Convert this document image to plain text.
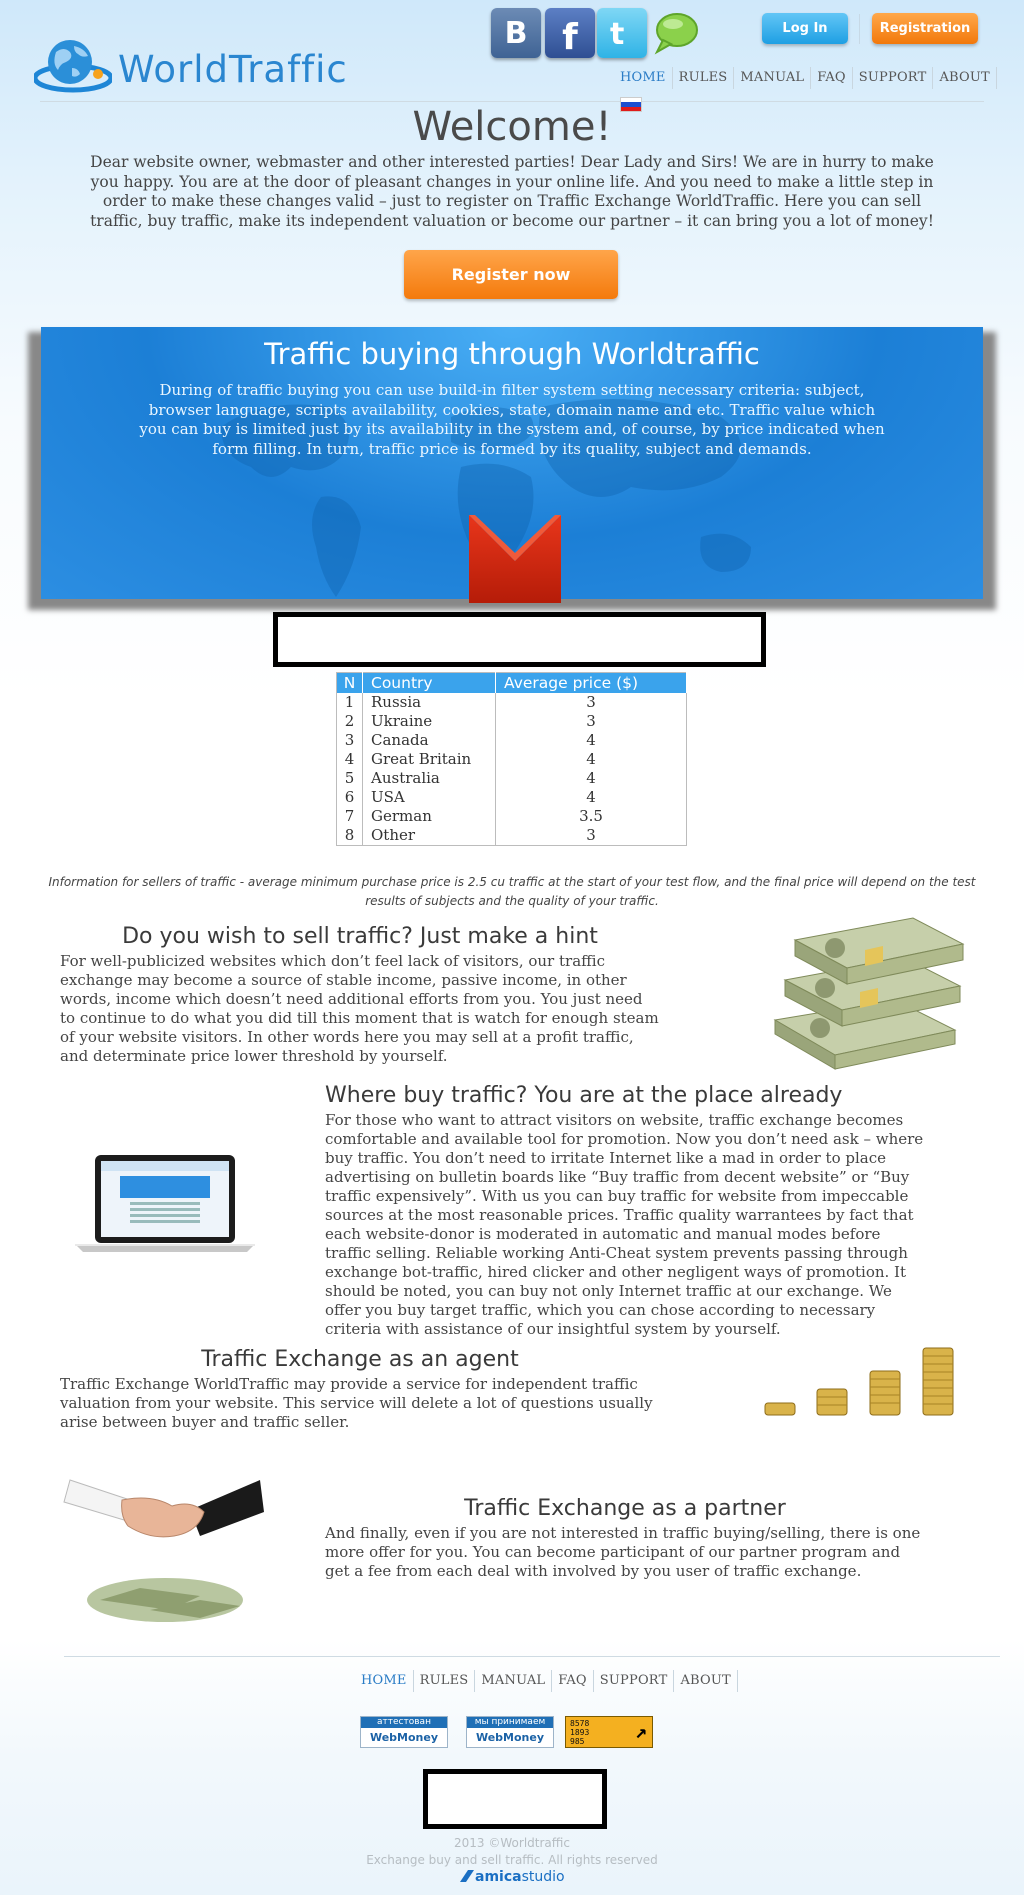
WorldTraffic
B f t	Log In	Registration
HOME	RULES	MANUAL	FAQ	SUPPORT	ABOUT
Welcome!

Dear website owner, webmaster and other interested parties! Dear Lady and Sirs! We are in hurry to make you happy. You are at the door of pleasant changes in your online life. And you need to make a little step in order to make these changes valid – just to register on Traffic Exchange WorldTraffic. Here you can sell traffic, buy traffic, make its independent valuation or become our partner – it can bring you a lot of money!

Register now
Traffic buying through Worldtraffic

During of traffic buying you can use build-in filter system setting necessary criteria: subject, browser language, scripts availability, cookies, state, domain name and etc. Traffic value which you can buy is limited just by its availability in the system and, of course, by price indicated when form filling. In turn, traffic price is formed by its quality, subject and demands.

N	Country	Average price ($)
1	Russia	3
2	Ukraine	3
3	Canada	4
4	Great Britain	4
5	Australia	4
6	USA	4
7	German	3.5
8	Other	3

Information for sellers of traffic - average minimum purchase price is 2.5 cu traffic at the start of your test flow, and the final price will depend on the test results of subjects and the quality of your traffic.

Do you wish to sell traffic? Just make a hint

For well-publicized websites which don’t feel lack of visitors, our traffic exchange may become a source of stable income, passive income, in other words, income which doesn’t need additional efforts from you. You just need to continue to do what you did till this moment that is watch for enough steam of your website visitors. In other words here you may sell at a profit traffic, and determinate price lower threshold by yourself.

Where buy traffic? You are at the place already

For those who want to attract visitors on website, traffic exchange becomes comfortable and available tool for promotion. Now you don’t need ask – where buy traffic. You don’t need to irritate Internet like a mad in order to place advertising on bulletin boards like “Buy traffic from decent website” or “Buy traffic expensively”. With us you can buy traffic for website from impeccable sources at the most reasonable prices. Traffic quality warrantees by fact that each website-donor is moderated in automatic and manual modes before traffic selling. Reliable working Anti-Cheat system prevents passing through exchange bot-traffic, hired clicker and other negligent ways of promotion. It should be noted, you can buy not only Internet traffic at our exchange. We offer you buy target traffic, which you can chose according to necessary criteria with assistance of our insightful system by yourself.

Traffic Exchange as an agent

Traffic Exchange WorldTraffic may provide a service for independent traffic valuation from your website. This service will delete a lot of questions usually arise between buyer and traffic seller.

Traffic Exchange as a partner

And finally, even if you are not interested in traffic buying/selling, there is one more offer for you. You can become participant of our partner program and get a fee from each deal with involved by you user of traffic exchange.

HOME	RULES	MANUAL	FAQ	SUPPORT	ABOUT
аттестован
WebMoney
мы принимаем
WebMoney
8578
1893
985	↗
2013 ©Worldtraffic
Exchange buy and sell traffic. All rights reserved
amicastudio
